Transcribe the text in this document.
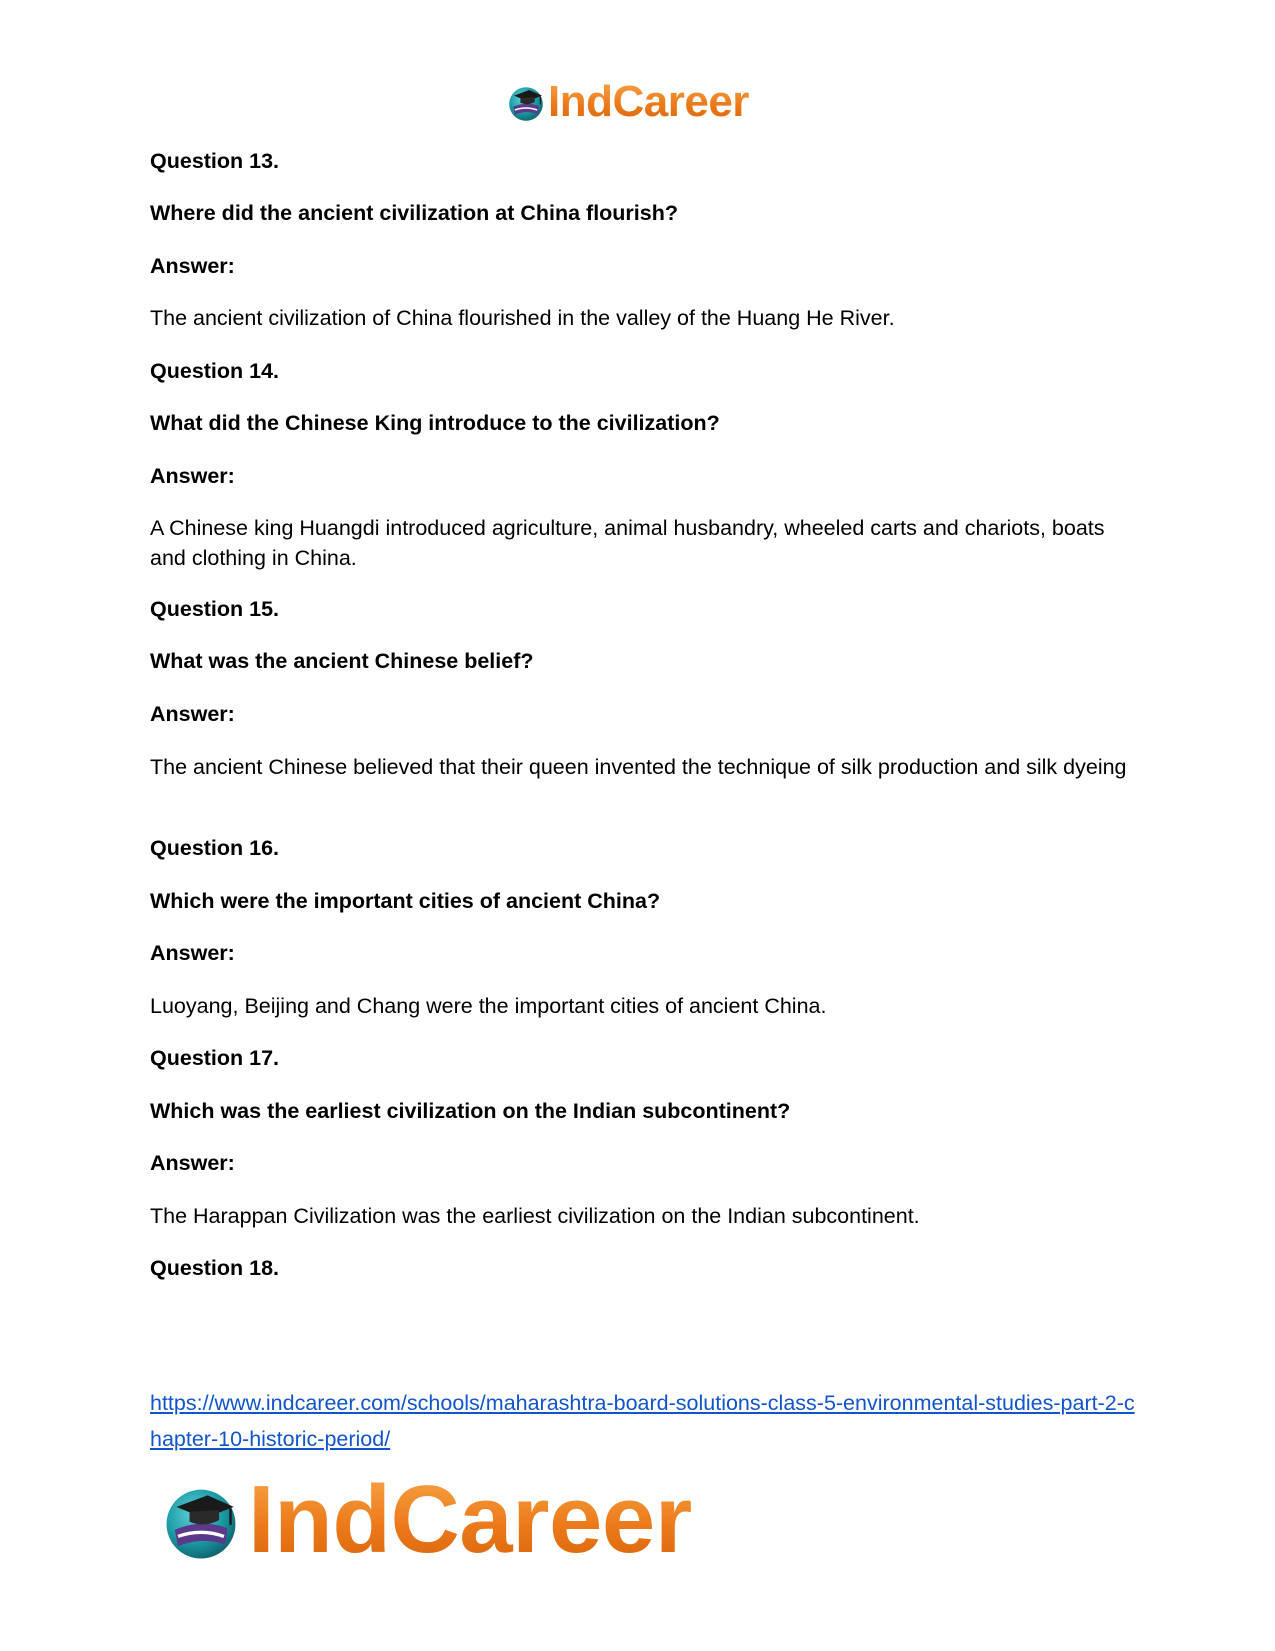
IndCareer
Question 13.
Where did the ancient civilization at China flourish?
Answer:
The ancient civilization of China flourished in the valley of the Huang He River.
Question 14.
What did the Chinese King introduce to the civilization?
Answer:
A Chinese king Huangdi introduced agriculture, animal husbandry, wheeled carts and chariots, boats and clothing in China.
Question 15.
What was the ancient Chinese belief?
Answer:
The ancient Chinese believed that their queen invented the technique of silk production and silk dyeing
Question 16.
Which were the important cities of ancient China?
Answer:
Luoyang, Beijing and Chang were the important cities of ancient China.
Question 17.
Which was the earliest civilization on the Indian subcontinent?
Answer:
The Harappan Civilization was the earliest civilization on the Indian subcontinent.
Question 18.
https://www.indcareer.com/schools/maharashtra-board-solutions-class-5-environmental-studies-part-2-chapter-10-historic-period/
IndCareer
